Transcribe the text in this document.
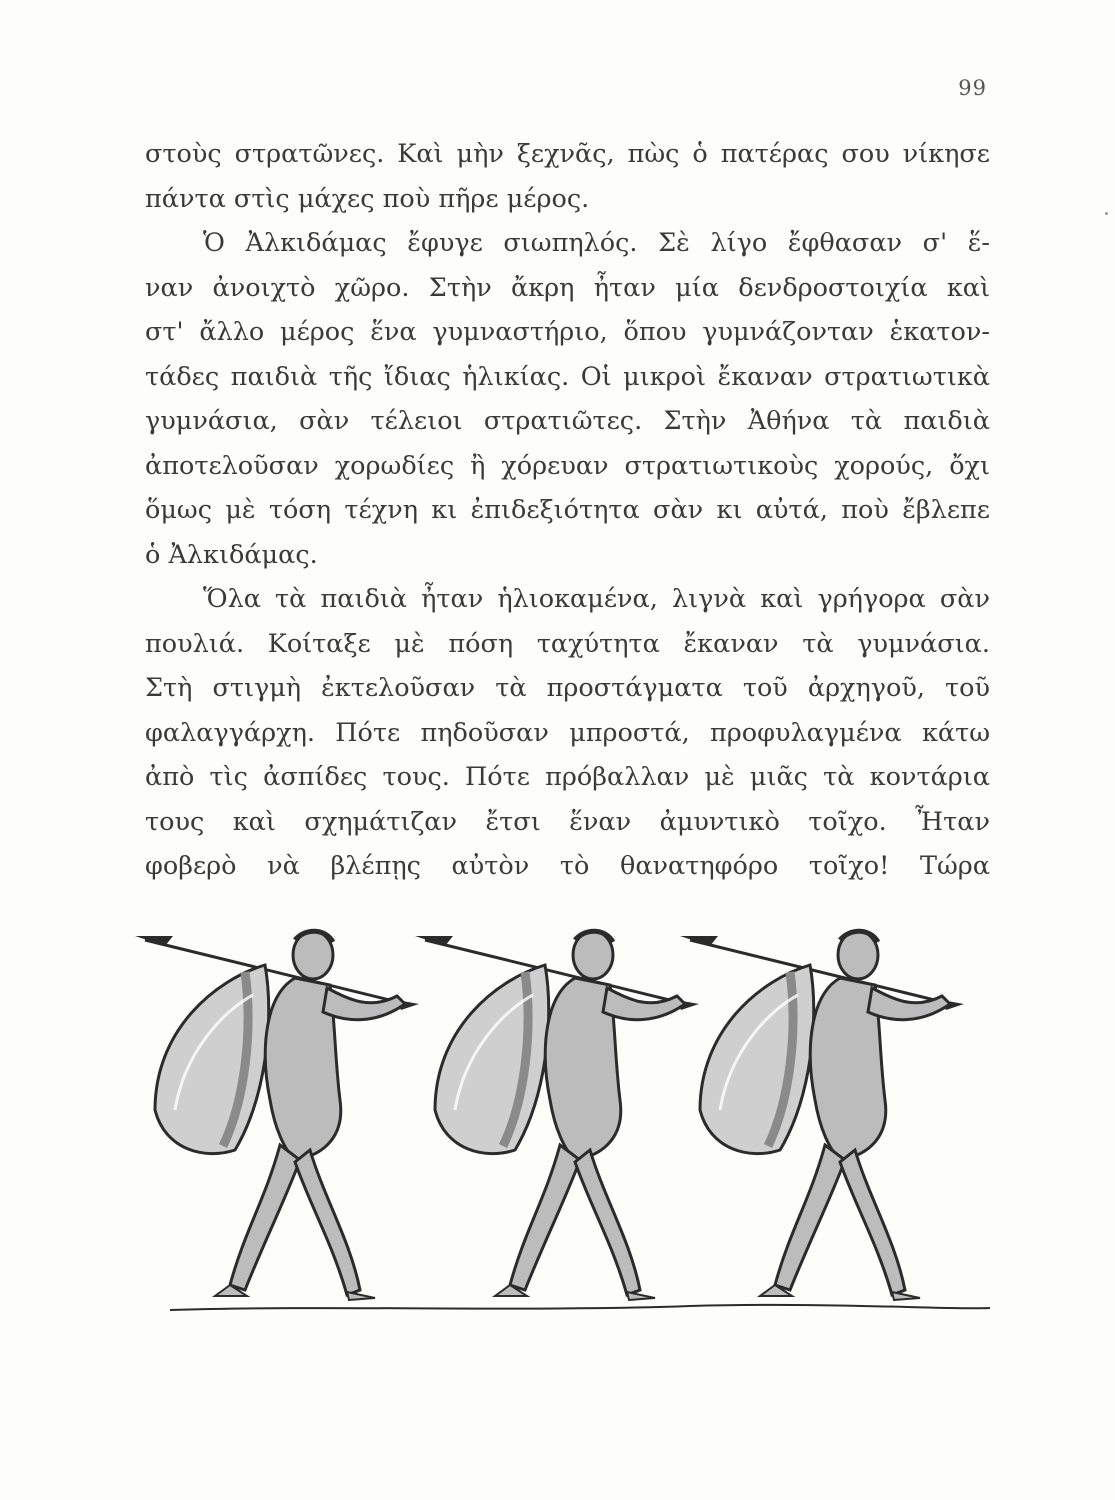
99
στοὺς στρατῶνες. Καὶ μὴν ξεχνᾶς, πὼς ὁ πατέρας σου νίκησε
πάντα στὶς μάχες ποὺ πῆρε μέρος.
Ὁ Ἀλκιδάμας ἔφυγε σιωπηλός. Σὲ λίγο ἔφθασαν σ' ἕ-
ναν ἀνοιχτὸ χῶρο. Στὴν ἄκρη ἦταν μία δενδροστοιχία καὶ
στ' ἄλλο μέρος ἕνα γυμναστήριο, ὅπου γυμνάζονταν ἑκατον-
τάδες παιδιὰ τῆς ἴδιας ἡλικίας. Οἱ μικροὶ ἔκαναν στρατιωτικὰ
γυμνάσια, σὰν τέλειοι στρατιῶτες. Στὴν Ἀθήνα τὰ παιδιὰ
ἀποτελοῦσαν χορωδίες ἢ χόρευαν στρατιωτικοὺς χορούς, ὄχι
ὅμως μὲ τόση τέχνη κι ἐπιδεξιότητα σὰν κι αὐτά, ποὺ ἔβλεπε
ὁ Ἀλκιδάμας.
Ὅλα τὰ παιδιὰ ἦταν ἡλιοκαμένα, λιγνὰ καὶ γρήγορα σὰν
πουλιά. Κοίταξε μὲ πόση ταχύτητα ἔκαναν τὰ γυμνάσια.
Στὴ στιγμὴ ἐκτελοῦσαν τὰ προστάγματα τοῦ ἀρχηγοῦ, τοῦ
φαλαγγάρχη. Πότε πηδοῦσαν μπροστά, προφυλαγμένα κάτω
ἀπὸ τὶς ἀσπίδες τους. Πότε πρόβαλλαν μὲ μιᾶς τὰ κοντάρια
τους καὶ σχημάτιζαν ἔτσι ἕναν ἀμυντικὸ τοῖχο. Ἦταν
φοβερὸ νὰ βλέπῃς αὐτὸν τὸ θανατηφόρο τοῖχο! Τώρα
